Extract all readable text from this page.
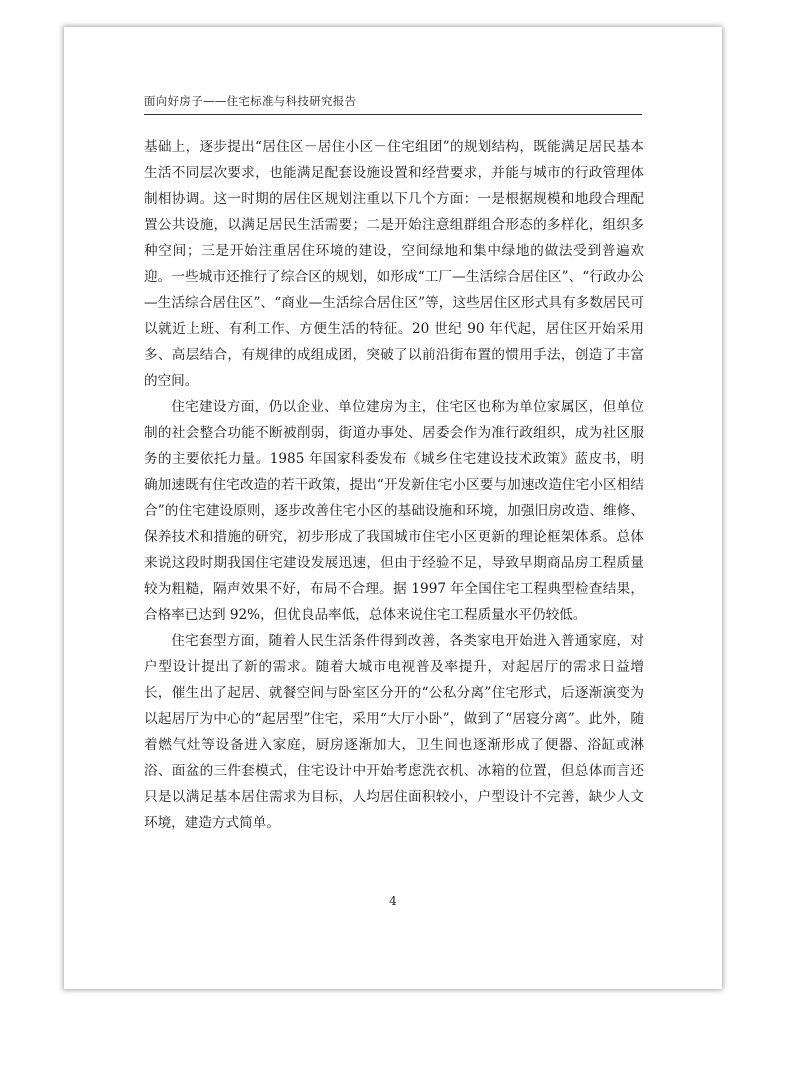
面向好房子——住宅标准与科技研究报告

基础上，逐步提出“居住区－居住小区－住宅组团”的规划结构，既能满足居民基本生活不同层次要求，也能满足配套设施设置和经营要求，并能与城市的行政管理体制相协调。这一时期的居住区规划注重以下几个方面：一是根据规模和地段合理配置公共设施，以满足居民生活需要；二是开始注意组群组合形态的多样化，组织多种空间；三是开始注重居住环境的建设，空间绿地和集中绿地的做法受到普遍欢迎。一些城市还推行了综合区的规划，如形成“工厂—生活综合居住区”、“行政办公—生活综合居住区”、“商业—生活综合居住区”等，这些居住区形式具有多数居民可以就近上班、有利工作、方便生活的特征。20 世纪 90 年代起，居住区开始采用多、高层结合，有规律的成组成团，突破了以前沿街布置的惯用手法，创造了丰富的空间。

住宅建设方面，仍以企业、单位建房为主，住宅区也称为单位家属区，但单位制的社会整合功能不断被削弱，街道办事处、居委会作为准行政组织，成为社区服务的主要依托力量。1985 年国家科委发布《城乡住宅建设技术政策》蓝皮书，明确加速既有住宅改造的若干政策，提出“开发新住宅小区要与加速改造住宅小区相结合”的住宅建设原则，逐步改善住宅小区的基础设施和环境，加强旧房改造、维修、保养技术和措施的研究，初步形成了我国城市住宅小区更新的理论框架体系。总体来说这段时期我国住宅建设发展迅速，但由于经验不足，导致早期商品房工程质量较为粗糙，隔声效果不好，布局不合理。据 1997 年全国住宅工程典型检查结果，合格率已达到 92%，但优良品率低，总体来说住宅工程质量水平仍较低。

住宅套型方面，随着人民生活条件得到改善，各类家电开始进入普通家庭，对户型设计提出了新的需求。随着大城市电视普及率提升，对起居厅的需求日益增长，催生出了起居、就餐空间与卧室区分开的“公私分离”住宅形式，后逐渐演变为以起居厅为中心的“起居型”住宅，采用“大厅小卧”，做到了“居寝分离”。此外，随着燃气灶等设备进入家庭，厨房逐渐加大，卫生间也逐渐形成了便器、浴缸或淋浴、面盆的三件套模式，住宅设计中开始考虑洗衣机、冰箱的位置，但总体而言还只是以满足基本居住需求为目标，人均居住面积较小，户型设计不完善，缺少人文环境，建造方式简单。

4
